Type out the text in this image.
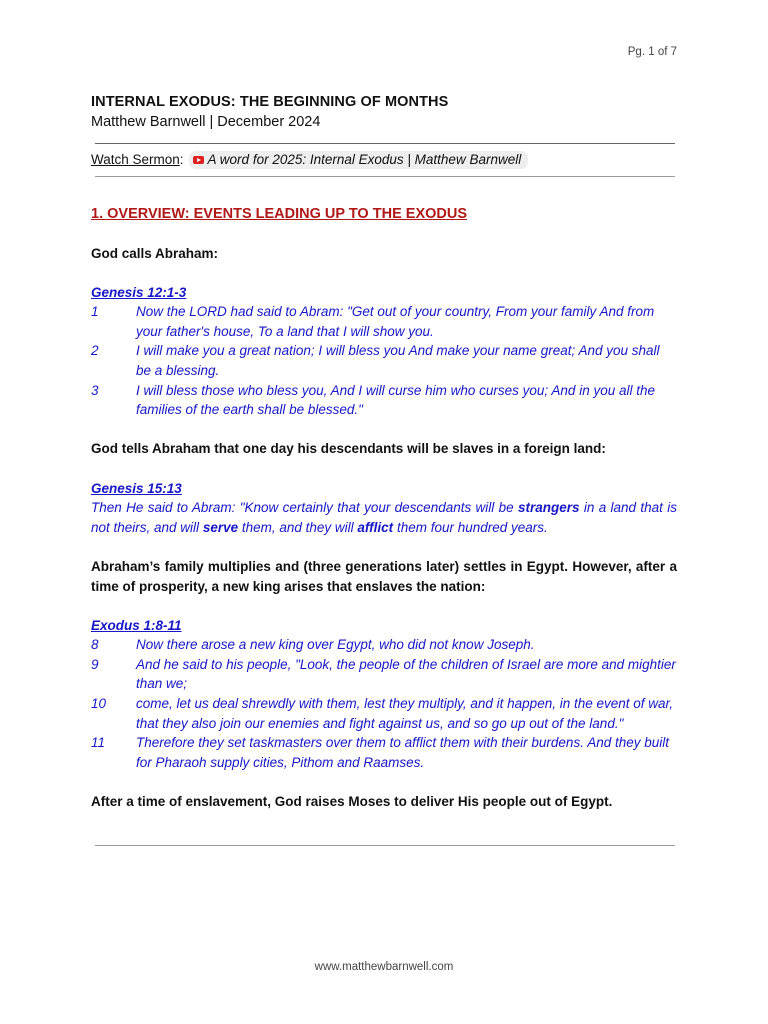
Pg. 1 of 7
INTERNAL EXODUS: THE BEGINNING OF MONTHS
Matthew Barnwell | December 2024
Watch Sermon : A word for 2025: Internal Exodus | Matthew Barnwell
1. OVERVIEW: EVENTS LEADING UP TO THE EXODUS

God calls Abraham:

Genesis 12:1-3
1	Now the LORD had said to Abram: "Get out of your country, From your family And from your father's house, To a land that I will show you.
2	I will make you a great nation; I will bless you And make your name great; And you shall be a blessing.
3	I will bless those who bless you, And I will curse him who curses you; And in you all the families of the earth shall be blessed."

God tells Abraham that one day his descendants will be slaves in a foreign land:

Genesis 15:13
Then He said to Abram: "Know certainly that your descendants will be strangers in a land that is not theirs, and will serve them, and they will afflict them four hundred years.

Abraham’s family multiplies and (three generations later) settles in Egypt. However, after a time of prosperity, a new king arises that enslaves the nation:

Exodus 1:8-11
8	Now there arose a new king over Egypt, who did not know Joseph.
9	And he said to his people, "Look, the people of the children of Israel are more and mightier than we;
10	come, let us deal shrewdly with them, lest they multiply, and it happen, in the event of war, that they also join our enemies and fight against us, and so go up out of the land."
11	Therefore they set taskmasters over them to afflict them with their burdens. And they built for Pharaoh supply cities, Pithom and Raamses.

After a time of enslavement, God raises Moses to deliver His people out of Egypt.

www.matthewbarnwell.com
